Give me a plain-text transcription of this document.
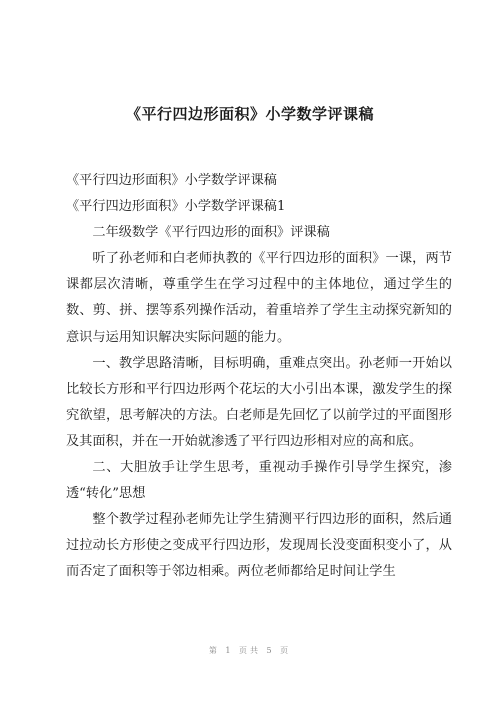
《平行四边形面积》小学数学评课稿

《平行四边形面积》小学数学评课稿

《平行四边形面积》小学数学评课稿1

二年级数学《平行四边形的面积》评课稿

听了孙老师和白老师执教的《平行四边形的面积》一课，两节课都层次清晰，尊重学生在学习过程中的主体地位，通过学生的数、剪、拼、摆等系列操作活动，着重培养了学生主动探究新知的意识与运用知识解决实际问题的能力。

一、教学思路清晰，目标明确，重难点突出。孙老师一开始以比较长方形和平行四边形两个花坛的大小引出本课，激发学生的探究欲望，思考解决的方法。白老师是先回忆了以前学过的平面图形及其面积，并在一开始就渗透了平行四边形相对应的高和底。

二、大胆放手让学生思考，重视动手操作引导学生探究，渗透“转化”思想

整个教学过程孙老师先让学生猜测平行四边形的面积，然后通过拉动长方形使之变成平行四边形，发现周长没变面积变小了，从而否定了面积等于邻边相乘。两位老师都给足时间让学生

第 1 页共 5 页
